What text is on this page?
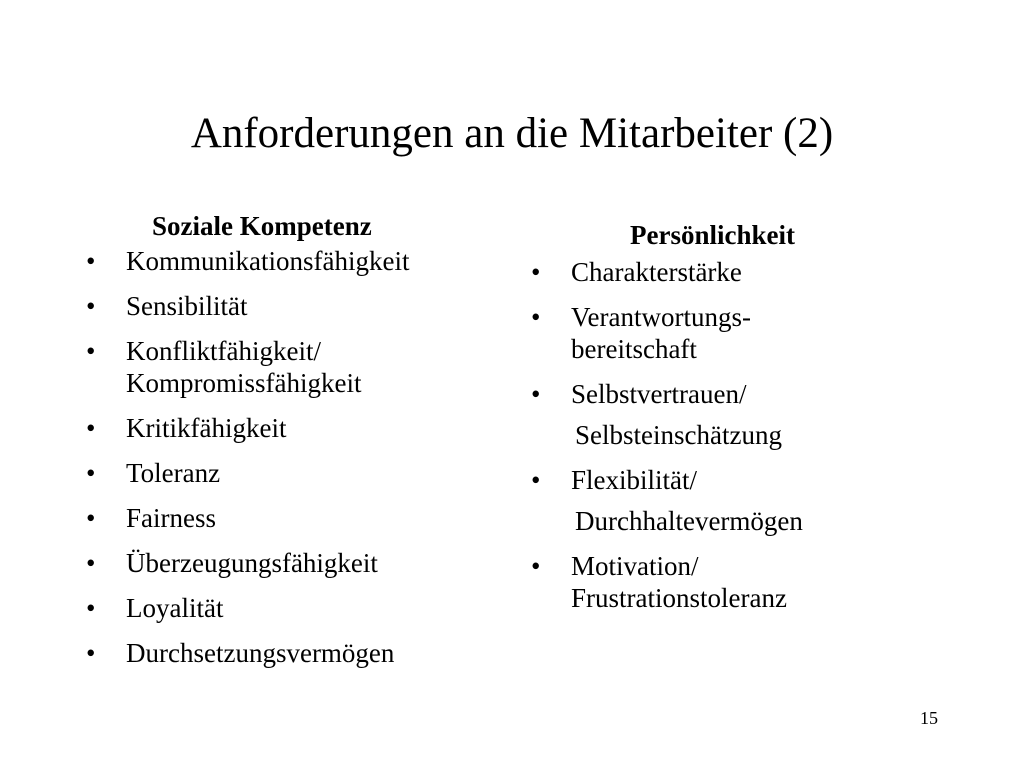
Anforderungen an die Mitarbeiter (2)
Soziale Kompetenz
• Kommunikationsfähigkeit
• Sensibilität
• Konfliktfähigkeit/
Kompromissfähigkeit
• Kritikfähigkeit
• Toleranz
• Fairness
• Überzeugungsfähigkeit
• Loyalität
• Durchsetzungsvermögen
Persönlichkeit
• Charakterstärke
• Verantwortungs-
bereitschaft
• Selbstvertrauen/
Selbsteinschätzung
• Flexibilität/
Durchhaltevermögen
• Motivation/
Frustrationstoleranz
15
